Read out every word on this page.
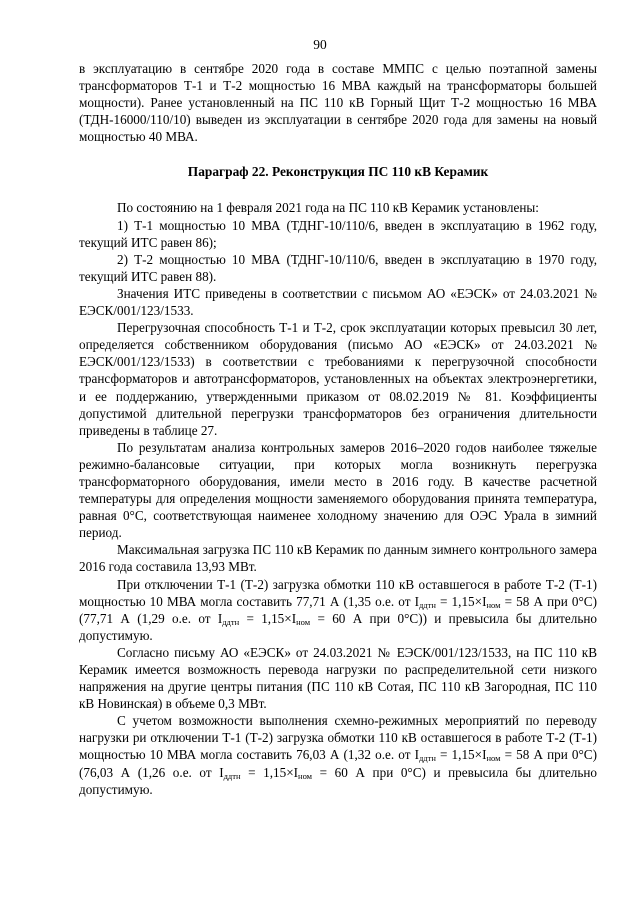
90

в эксплуатацию в сентябре 2020 года в составе ММПС с целью поэтапной замены трансформаторов Т-1 и Т-2 мощностью 16 МВА каждый на трансформаторы большей мощности). Ранее установленный на ПС 110 кВ Горный Щит Т-2 мощностью 16 МВА (ТДН-16000/110/10) выведен из эксплуатации в сентябре 2020 года для замены на новый мощностью 40 МВА.

Параграф 22. Реконструкция ПС 110 кВ Керамик

По состоянию на 1 февраля 2021 года на ПС 110 кВ Керамик установлены:

1) Т-1 мощностью 10 МВА (ТДНГ-10/110/6, введен в эксплуатацию в 1962 году, текущий ИТС равен 86);

2) Т-2 мощностью 10 МВА (ТДНГ-10/110/6, введен в эксплуатацию в 1970 году, текущий ИТС равен 88).

Значения ИТС приведены в соответствии с письмом АО «ЕЭСК» от 24.03.2021 № ЕЭСК/001/123/1533.

Перегрузочная способность Т-1 и Т-2, срок эксплуатации которых превысил 30 лет, определяется собственником оборудования (письмо АО «ЕЭСК» от 24.03.2021 № ЕЭСК/001/123/1533) в соответствии с требованиями к перегрузочной способности трансформаторов и автотрансформаторов, установленных на объектах электроэнергетики, и ее поддержанию, утвержденными приказом от 08.02.2019 № 81. Коэффициенты допустимой длительной перегрузки трансформаторов без ограничения длительности приведены в таблице 27.

По результатам анализа контрольных замеров 2016–2020 годов наиболее тяжелые режимно-балансовые ситуации, при которых могла возникнуть перегрузка трансформаторного оборудования, имели место в 2016 году. В качестве расчетной температуры для определения мощности заменяемого оборудования принята температура, равная 0°С, соответствующая наименее холодному значению для ОЭС Урала в зимний период.

Максимальная загрузка ПС 110 кВ Керамик по данным зимнего контрольного замера 2016 года составила 13,93 МВт.

При отключении Т-1 (Т-2) загрузка обмотки 110 кВ оставшегося в работе Т-2 (Т-1) мощностью 10 МВА могла составить 77,71 А (1,35 о.е. от $I_{ддтн} = 1,15\times I_{ном} = 58$ А при 0°С) (77,71 А (1,29 о.е. от $I_{ддтн} = 1,15\times I_{ном} = 60$ А при 0°С)) и превысила бы длительно допустимую.

Согласно письму АО «ЕЭСК» от 24.03.2021 № ЕЭСК/001/123/1533, на ПС 110 кВ Керамик имеется возможность перевода нагрузки по распределительной сети низкого напряжения на другие центры питания (ПС 110 кВ Сотая, ПС 110 кВ Загородная, ПС 110 кВ Новинская) в объеме 0,3 МВт.

С учетом возможности выполнения схемно-режимных мероприятий по переводу нагрузки ри отключении Т-1 (Т-2) загрузка обмотки 110 кВ оставшегося в работе Т-2 (Т-1) мощностью 10 МВА могла составить 76,03 А (1,32 о.е. от $I_{ддтн} = 1,15\times I_{ном} = 58$ А при 0°С) (76,03 А (1,26 о.е. от $I_{ддтн} = 1,15\times I_{ном} = 60$ А при 0°С) и превысила бы длительно допустимую.
